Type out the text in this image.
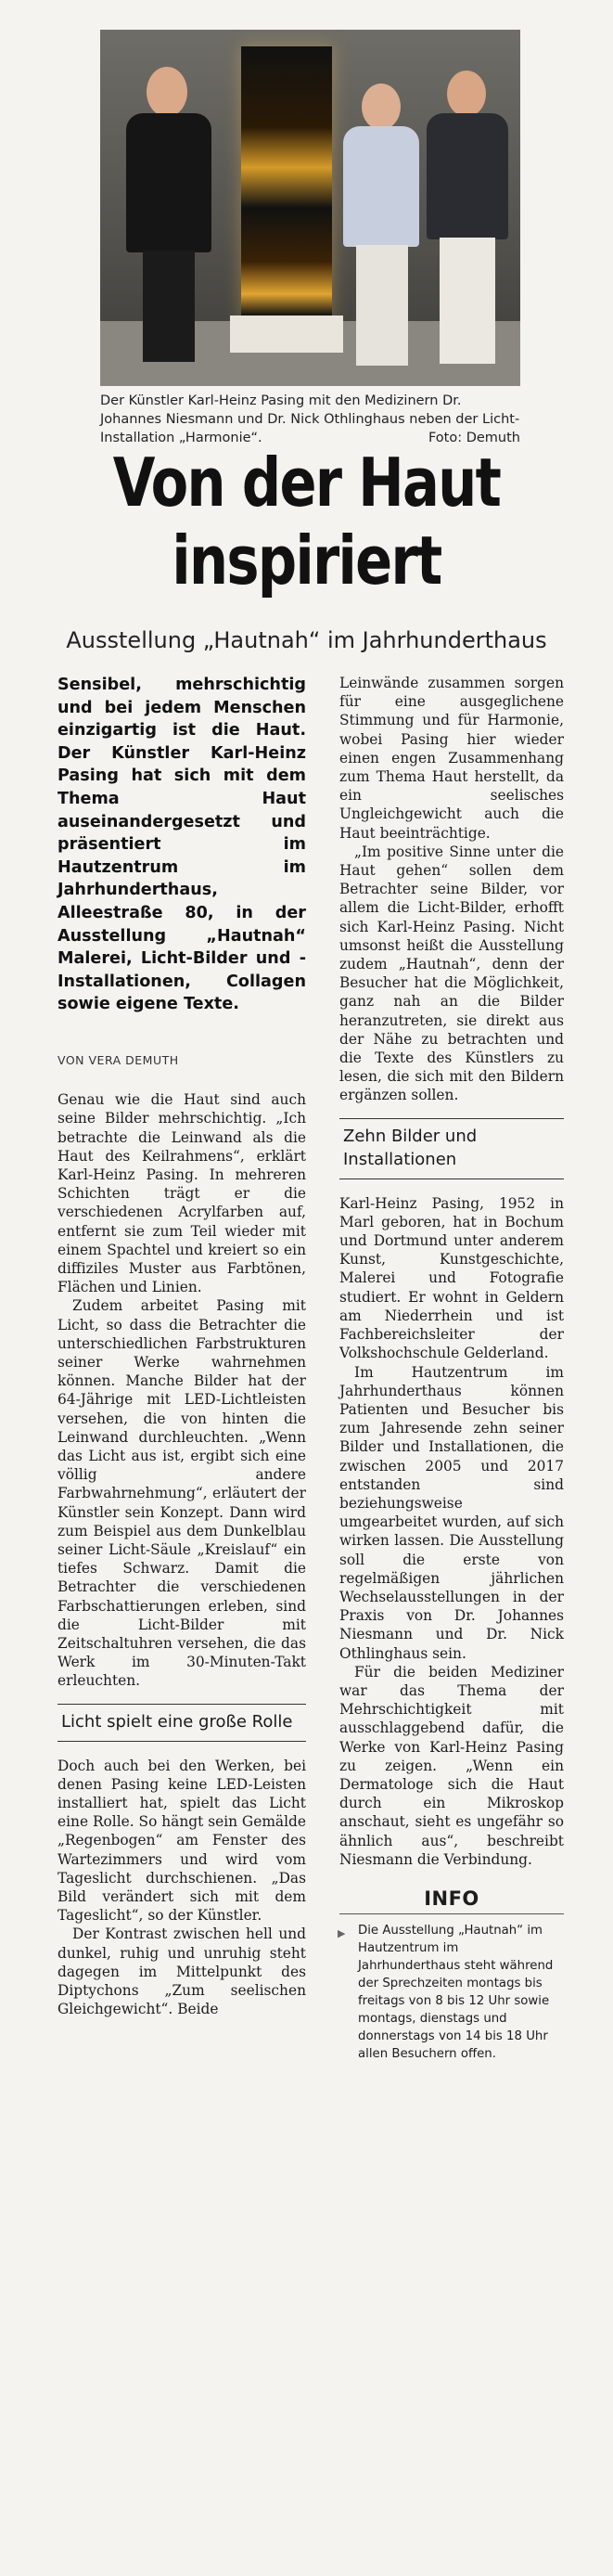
Der Künstler Karl-Heinz Pasing mit den Medizinern Dr. Johannes Niesmann und Dr. Nick Othlinghaus neben der Licht-Installation „Harmonie“.	Foto: Demuth
Von der Haut
inspiriert
Ausstellung „Hautnah“ im Jahrhunderthaus

Sensibel, mehrschichtig und bei jedem Menschen einzigartig ist die Haut. Der Künstler Karl-Heinz Pasing hat sich mit dem Thema Haut auseinandergesetzt und präsentiert im Hautzentrum im Jahrhunderthaus, Alleestraße 80, in der Ausstellung „Hautnah“ Malerei, Licht-Bilder und -Installationen, Collagen sowie eigene Texte.

VON VERA DEMUTH

Genau wie die Haut sind auch seine Bilder mehrschichtig. „Ich betrachte die Leinwand als die Haut des Keilrahmens“, erklärt Karl-Heinz Pasing. In mehreren Schichten trägt er die verschiedenen Acrylfarben auf, entfernt sie zum Teil wieder mit einem Spachtel und kreiert so ein diffiziles Muster aus Farbtönen, Flächen und Linien.

Zudem arbeitet Pasing mit Licht, so dass die Betrachter die unterschiedlichen Farbstrukturen seiner Werke wahrnehmen können. Manche Bilder hat der 64-Jährige mit LED-Lichtleisten versehen, die von hinten die Leinwand durchleuchten. „Wenn das Licht aus ist, ergibt sich eine völlig andere Farbwahrnehmung“, erläutert der Künstler sein Konzept. Dann wird zum Beispiel aus dem Dunkelblau seiner Licht-Säule „Kreislauf“ ein tiefes Schwarz. Damit die Betrachter die verschiedenen Farbschattierungen erleben, sind die Licht-Bilder mit Zeitschaltuhren versehen, die das Werk im 30-Minuten-Takt erleuchten.

Licht spielt eine große Rolle

Doch auch bei den Werken, bei denen Pasing keine LED-Leisten installiert hat, spielt das Licht eine Rolle. So hängt sein Gemälde „Regenbogen“ am Fenster des Wartezimmers und wird vom Tageslicht durchschienen. „Das Bild verändert sich mit dem Tageslicht“, so der Künstler.

Der Kontrast zwischen hell und dunkel, ruhig und unruhig steht dagegen im Mittelpunkt des Diptychons „Zum seelischen Gleichgewicht“. Beide

Leinwände zusammen sorgen für eine ausgeglichene Stimmung und für Harmonie, wobei Pasing hier wieder einen engen Zusammenhang zum Thema Haut herstellt, da ein seelisches Ungleichgewicht auch die Haut beeinträchtige.

„Im positive Sinne unter die Haut gehen“ sollen dem Betrachter seine Bilder, vor allem die Licht-Bilder, erhofft sich Karl-Heinz Pasing. Nicht umsonst heißt die Ausstellung zudem „Hautnah“, denn der Besucher hat die Möglichkeit, ganz nah an die Bilder heranzutreten, sie direkt aus der Nähe zu betrachten und die Texte des Künstlers zu lesen, die sich mit den Bildern ergänzen sollen.

Zehn Bilder und Installationen

Karl-Heinz Pasing, 1952 in Marl geboren, hat in Bochum und Dortmund unter anderem Kunst, Kunstgeschichte, Malerei und Fotografie studiert. Er wohnt in Geldern am Niederrhein und ist Fachbereichsleiter der Volkshochschule Gelderland.

Im Hautzentrum im Jahrhunderthaus können Patienten und Besucher bis zum Jahresende zehn seiner Bilder und Installationen, die zwischen 2005 und 2017 entstanden sind beziehungsweise umgearbeitet wurden, auf sich wirken lassen. Die Ausstellung soll die erste von regelmäßigen jährlichen Wechselausstellungen in der Praxis von Dr. Johannes Niesmann und Dr. Nick Othlinghaus sein.

Für die beiden Mediziner war das Thema der Mehrschichtigkeit mit ausschlaggebend dafür, die Werke von Karl-Heinz Pasing zu zeigen. „Wenn ein Dermatologe sich die Haut durch ein Mikroskop anschaut, sieht es ungefähr so ähnlich aus“, beschreibt Niesmann die Verbindung.

INFO
▶	Die Ausstellung „Hautnah“ im Hautzentrum im Jahrhunderthaus steht während der Sprechzeiten montags bis freitags von 8 bis 12 Uhr sowie montags, dienstags und donnerstags von 14 bis 18 Uhr allen Besuchern offen.
